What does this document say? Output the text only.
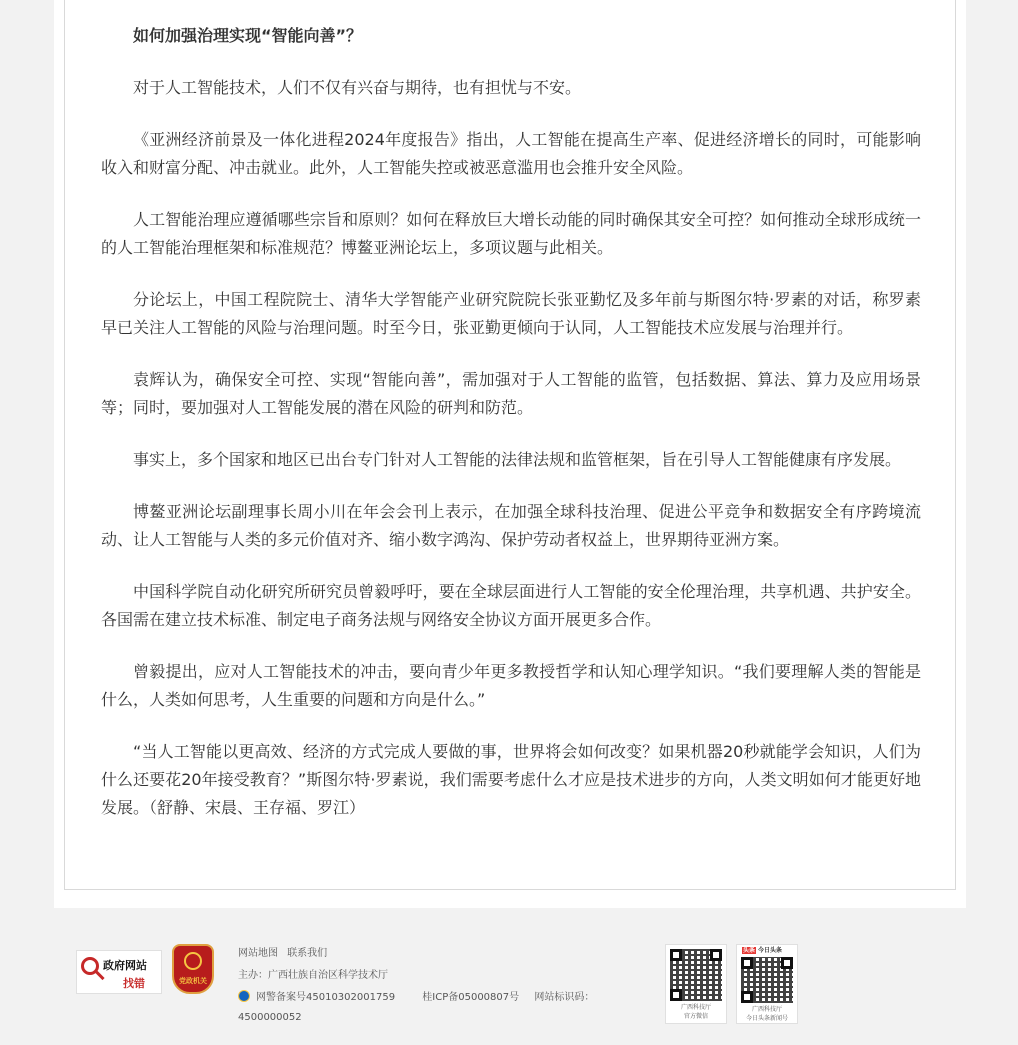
如何加强治理实现“智能向善”？

对于人工智能技术，人们不仅有兴奋与期待，也有担忧与不安。

《亚洲经济前景及一体化进程2024年度报告》指出，人工智能在提高生产率、促进经济增长的同时，可能影响收入和财富分配、冲击就业。此外，人工智能失控或被恶意滥用也会推升安全风险。

人工智能治理应遵循哪些宗旨和原则？如何在释放巨大增长动能的同时确保其安全可控？如何推动全球形成统一的人工智能治理框架和标准规范？博鳌亚洲论坛上，多项议题与此相关。

分论坛上，中国工程院院士、清华大学智能产业研究院院长张亚勤忆及多年前与斯图尔特·罗素的对话，称罗素早已关注人工智能的风险与治理问题。时至今日，张亚勤更倾向于认同，人工智能技术应发展与治理并行。

袁辉认为，确保安全可控、实现“智能向善”，需加强对于人工智能的监管，包括数据、算法、算力及应用场景等；同时，要加强对人工智能发展的潜在风险的研判和防范。

事实上，多个国家和地区已出台专门针对人工智能的法律法规和监管框架，旨在引导人工智能健康有序发展。

博鳌亚洲论坛副理事长周小川在年会会刊上表示，在加强全球科技治理、促进公平竞争和数据安全有序跨境流动、让人工智能与人类的多元价值对齐、缩小数字鸿沟、保护劳动者权益上，世界期待亚洲方案。

中国科学院自动化研究所研究员曾毅呼吁，要在全球层面进行人工智能的安全伦理治理，共享机遇、共护安全。各国需在建立技术标准、制定电子商务法规与网络安全协议方面开展更多合作。

曾毅提出，应对人工智能技术的冲击，要向青少年更多教授哲学和认知心理学知识。“我们要理解人类的智能是什么，人类如何思考，人生重要的问题和方向是什么。”

“当人工智能以更高效、经济的方式完成人要做的事，世界将会如何改变？如果机器20秒就能学会知识，人们为什么还要花20年接受教育？”斯图尔特·罗素说，我们需要考虑什么才应是技术进步的方向，人类文明如何才能更好地发展。（舒静、宋晨、王存福、罗江）

政府网站
找错	党政机关
网站地图 联系我们
主办：广西壮族自治区科学技术厅
网警备案号45010302001759	桂ICP备05000807号 网站标识码：
4500000052
广西科技厅
官方微信
广西科技厅
今日头条新闻号
头条 今日头条
